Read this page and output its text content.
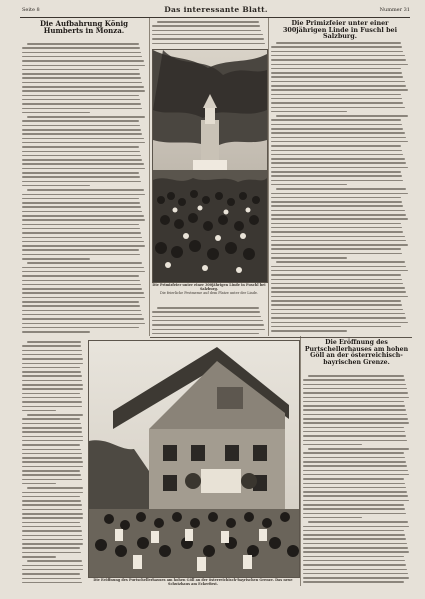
Seite 8	Das interessante Blatt.	Nummer 31
Die Aufbahrung König Humberts in Monza.
Die Primizfeier unter einer 300jährigen Linde in Fuschl bei Salzburg.
Die feierliche Festmesse auf dem Platze unter der Linde.
Die Primizfeier unter einer 300jährigen Linde in Fuschl bei Salzburg.
Die Eröffnung des Purtschellerhauses am hohen Göll an der österreichisch-bayrischen Grenze. Das neue Schutzhaus am Eckerfirst.
Die Eröffnung des Purtschellerhauses am hohen Göll an der österreichisch-bayrischen Grenze.
